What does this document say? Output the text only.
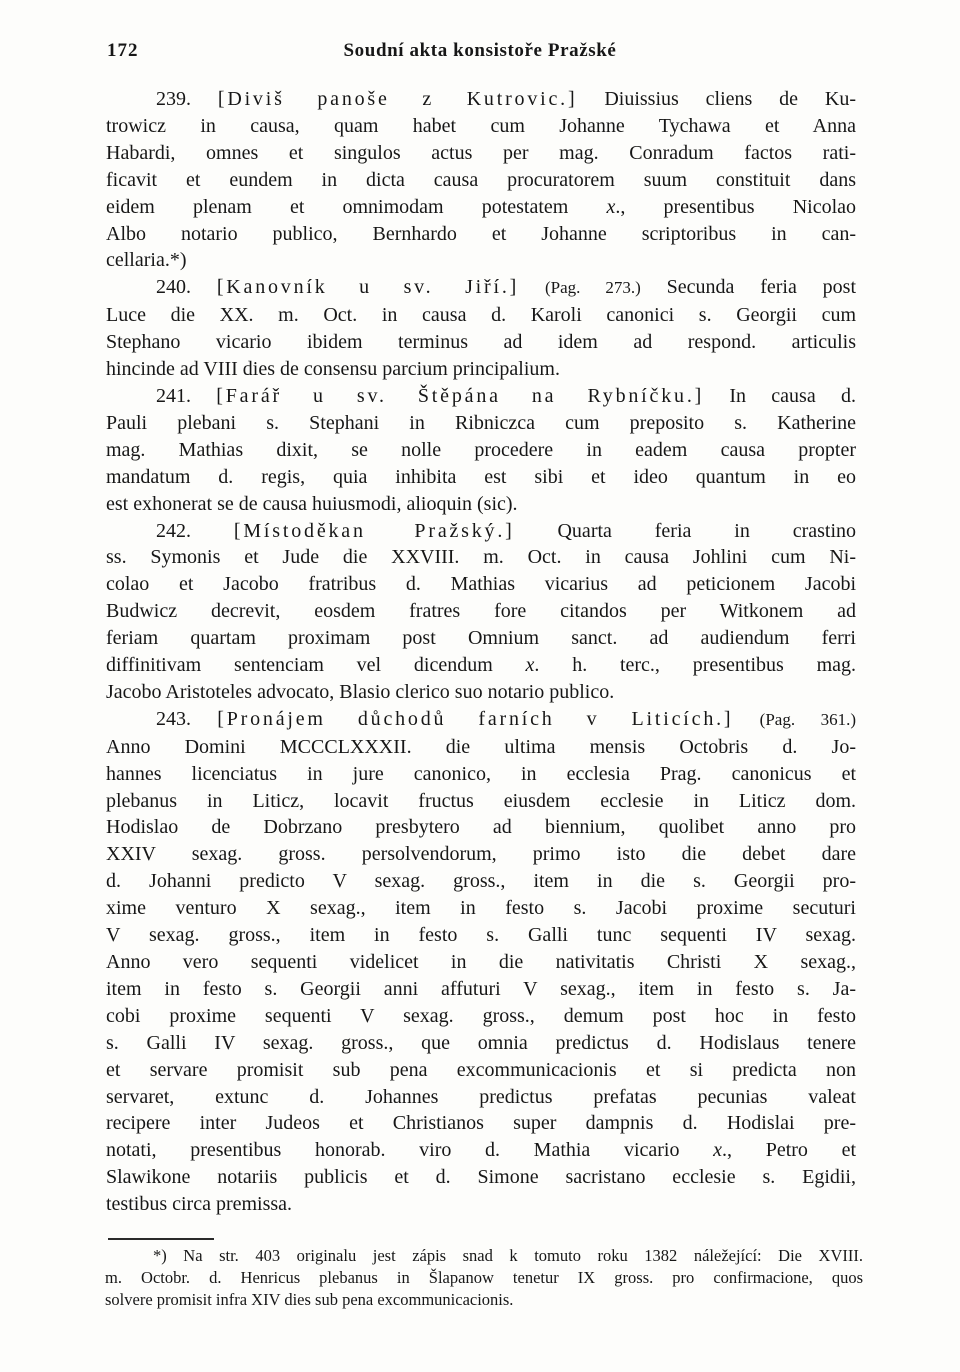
172	Soudní akta konsistoře Pražské
239. [Diviš panoše z Kutrovic.] Diuissius cliens de Ku-
trowicz in causa, quam habet cum Johanne Tychawa et Anna
Habardi, omnes et singulos actus per mag. Conradum factos rati-
ficavit et eundem in dicta causa procuratorem suum constituit dans
eidem plenam et omnimodam potestatem x., presentibus Nicolao
Albo notario publico, Bernhardo et Johanne scriptoribus in can-
cellaria.*)
240. [Kanovník u sv. Jiří.] (Pag. 273.) Secunda feria post
Luce die XX. m. Oct. in causa d. Karoli canonici s. Georgii cum
Stephano vicario ibidem terminus ad idem ad respond. articulis
hincinde ad VIII dies de consensu parcium principalium.
241. [Farář u sv. Štěpána na Rybníčku.] In causa d.
Pauli plebani s. Stephani in Ribniczca cum preposito s. Katherine
mag. Mathias dixit, se nolle procedere in eadem causa propter
mandatum d. regis, quia inhibita est sibi et ideo quantum in eo
est exhonerat se de causa huiusmodi, alioquin (sic).
242. [Místoděkan Pražský.] Quarta feria in crastino
ss. Symonis et Jude die XXVIII. m. Oct. in causa Johlini cum Ni-
colao et Jacobo fratribus d. Mathias vicarius ad peticionem Jacobi
Budwicz decrevit, eosdem fratres fore citandos per Witkonem ad
feriam quartam proximam post Omnium sanct. ad audiendum ferri
diffinitivam sentenciam vel dicendum x. h. terc., presentibus mag.
Jacobo Aristoteles advocato, Blasio clerico suo notario publico.
243. [Pronájem důchodů farních v Liticích.] (Pag. 361.)
Anno Domini MCCCLXXXII. die ultima mensis Octobris d. Jo-
hannes licenciatus in jure canonico, in ecclesia Prag. canonicus et
plebanus in Liticz, locavit fructus eiusdem ecclesie in Liticz dom.
Hodislao de Dobrzano presbytero ad biennium, quolibet anno pro
XXIV sexag. gross. persolvendorum, primo isto die debet dare
d. Johanni predicto V sexag. gross., item in die s. Georgii pro-
xime venturo X sexag., item in festo s. Jacobi proxime secuturi
V sexag. gross., item in festo s. Galli tunc sequenti IV sexag.
Anno vero sequenti videlicet in die nativitatis Christi X sexag.,
item in festo s. Georgii anni affuturi V sexag., item in festo s. Ja-
cobi proxime sequenti V sexag. gross., demum post hoc in festo
s. Galli IV sexag. gross., que omnia predictus d. Hodislaus tenere
et servare promisit sub pena excommunicacionis et si predicta non
servaret, extunc d. Johannes predictus prefatas pecunias valeat
recipere inter Judeos et Christianos super dampnis d. Hodislai pre-
notati, presentibus honorab. viro d. Mathia vicario x., Petro et
Slawikone notariis publicis et d. Simone sacristano ecclesie s. Egidii,
testibus circa premissa.
*) Na str. 403 originalu jest zápis snad k tomuto roku 1382 náležející: Die XVIII.
m. Octobr. d. Henricus plebanus in Šlapanow tenetur IX gross. pro confirmacione, quos
solvere promisit infra XIV dies sub pena excommunicacionis.
